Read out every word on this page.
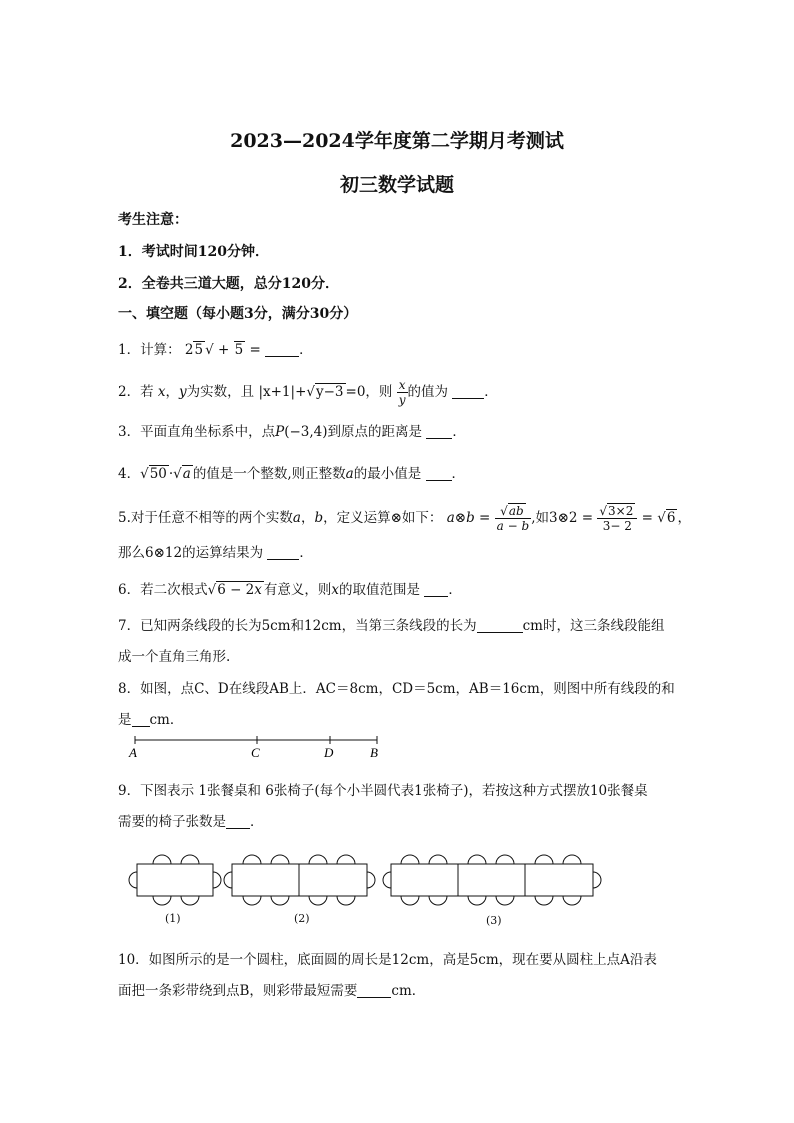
2023—2024学年度第二学期月考测试
初三数学试题
考生注意：
1．考试时间120分钟．
2．全卷共三道大题，总分120分．
一、填空题（每小题3分，满分30分）
1．计算： 25 √ + 5 =	．
2．若 x，y为实数，且 |x+1|+√y−3 =0，则 $\frac{x}{y}$ 的值为	．
3．平面直角坐标系中，点P(−3,4)到原点的距离是 ．
4．√50 ·√a 的值是一个整数,则正整数a的最小值是 ．
5.对于任意不相等的两个实数a，b，定义运算⊗如下： a⊗b = $\frac{√ab}{a - b}$ ,如3⊗2 = $\frac{√3\times 2}{3- 2} = √6$ ，
那么6⊗12的运算结果为	．
6．若二次根式√6 − 2x 有意义，则x的取值范围是 ．
7．已知两条线段的长为5cm和12cm，当第三条线段的长为	cm时，这三条线段能组
成一个直角三角形.
8．如图，点C、D在线段AB上．AC＝8cm，CD＝5cm，AB＝16cm，则图中所有线段的和
是 cm．
A	C	D	B
9．下图表示 1张餐桌和 6张椅子(每个小半圆代表1张椅子)，若按这种方式摆放10张餐桌
需要的椅子张数是 ．
(1)	(2)	(3)
10．如图所示的是一个圆柱，底面圆的周长是12cm，高是5cm，现在要从圆柱上点A沿表
面把一条彩带绕到点B，则彩带最短需要	cm．
